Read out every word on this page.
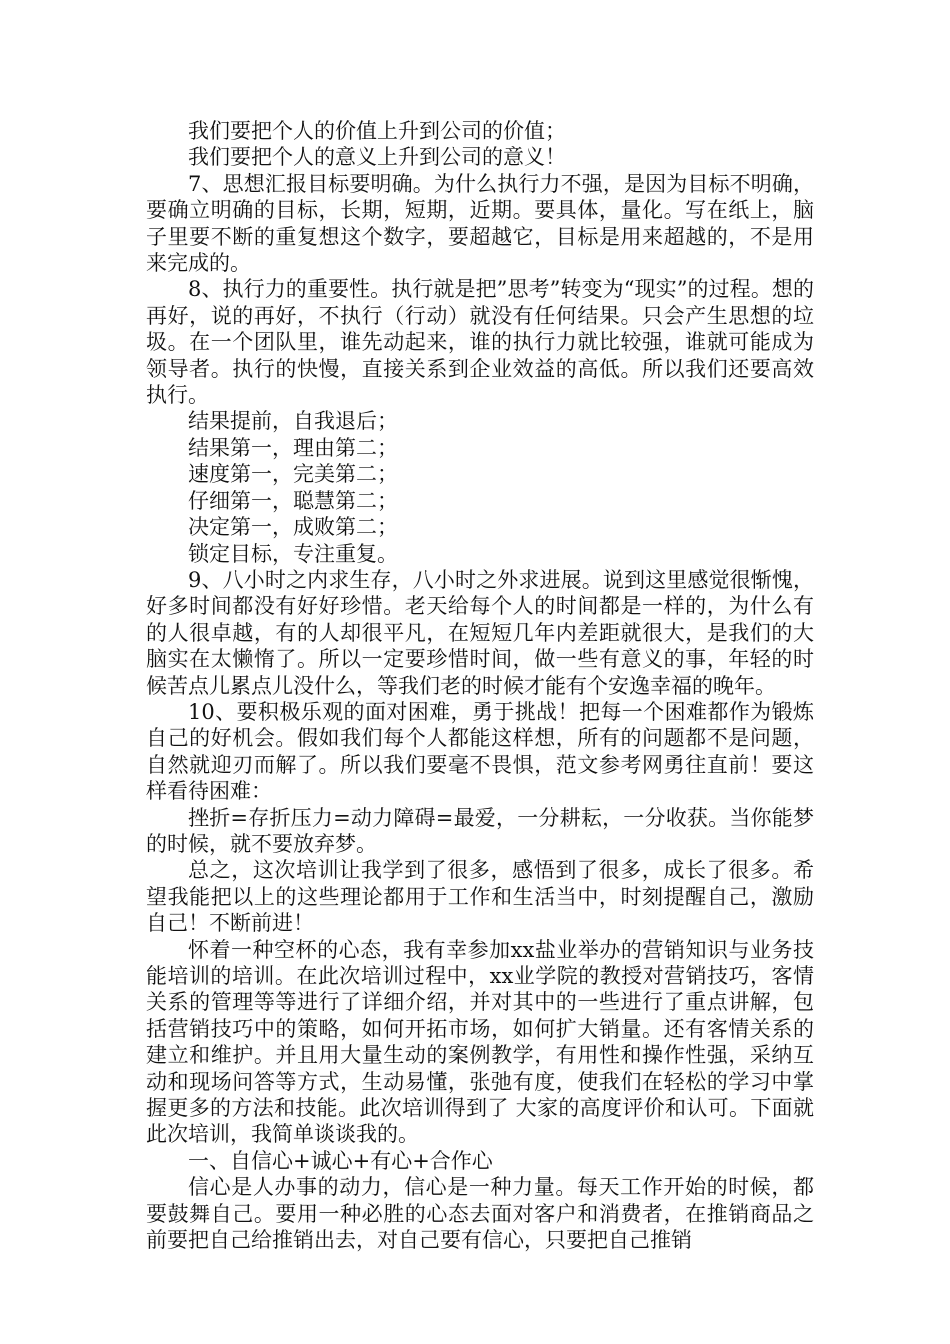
我们要把个人的价值上升到公司的价值；

我们要把个人的意义上升到公司的意义！

7、思想汇报目标要明确。为什么执行力不强，是因为目标不明确，要确立明确的目标，长期，短期，近期。要具体，量化。写在纸上，脑子里要不断的重复想这个数字，要超越它，目标是用来超越的，不是用来完成的。

8、执行力的重要性。执行就是把”思考”转变为“现实”的过程。想的再好，说的再好，不执行（行动）就没有任何结果。只会产生思想的垃圾。在一个团队里，谁先动起来，谁的执行力就比较强，谁就可能成为领导者。执行的快慢，直接关系到企业效益的高低。所以我们还要高效执行。

结果提前，自我退后；

结果第一，理由第二；

速度第一，完美第二；

仔细第一，聪慧第二；

决定第一，成败第二；

锁定目标，专注重复。

9、八小时之内求生存，八小时之外求进展。说到这里感觉很惭愧，好多时间都没有好好珍惜。老天给每个人的时间都是一样的，为什么有的人很卓越，有的人却很平凡，在短短几年内差距就很大，是我们的大脑实在太懒惰了。所以一定要珍惜时间，做一些有意义的事，年轻的时候苦点儿累点儿没什么，等我们老的时候才能有个安逸幸福的晚年。

10、要积极乐观的面对困难，勇于挑战！把每一个困难都作为锻炼自己的好机会。假如我们每个人都能这样想，所有的问题都不是问题，自然就迎刃而解了。所以我们要毫不畏惧，范文参考网勇往直前！要这样看待困难：

挫折=存折压力=动力障碍=最爱，一分耕耘，一分收获。当你能梦的时候，就不要放弃梦。

总之，这次培训让我学到了很多，感悟到了很多，成长了很多。希望我能把以上的这些理论都用于工作和生活当中，时刻提醒自己，激励自己！不断前进！

怀着一种空杯的心态，我有幸参加xx盐业举办的营销知识与业务技能培训的培训。在此次培训过程中，xx业学院的教授对营销技巧，客情关系的管理等等进行了详细介绍，并对其中的一些进行了重点讲解，包括营销技巧中的策略，如何开拓市场，如何扩大销量。还有客情关系的建立和维护。并且用大量生动的案例教学，有用性和操作性强，采纳互动和现场问答等方式，生动易懂，张弛有度，使我们在轻松的学习中掌握更多的方法和技能。此次培训得到了 大家的高度评价和认可。下面就此次培训，我简单谈谈我的。

一、自信心+诚心+有心+合作心

信心是人办事的动力，信心是一种力量。每天工作开始的时候，都要鼓舞自己。要用一种必胜的心态去面对客户和消费者，在推销商品之前要把自己给推销出去，对自己要有信心，只要把自己推销
